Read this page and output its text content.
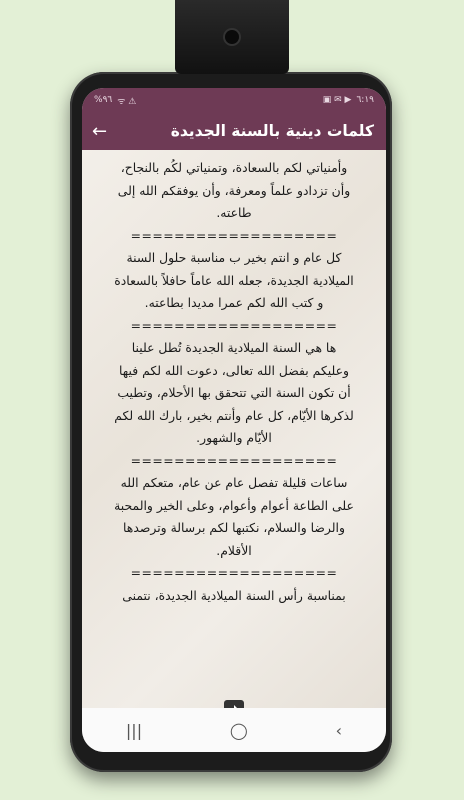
%٩٦ ᯤ ⚠	▣ ✉ ▶ ٦:١٩
←	كلمات دينية بالسنة الجديدة

وأمنياتي لكم بالسعادة، وتمنياتي لكُم بالنجاح،

وأن تزدادو علماً ومعرفة، وأن يوفقكم الله إلى

طاعته.

===================

كل عام و انتم بخير ب مناسبة حلول السنة

الميلادية الجديدة، جعله الله عاماً حافلاً بالسعادة

و كتب الله لكم عمرا مديدا بطاعته.

===================

ها هي السنة الميلادية الجديدة تُطل علينا

وعليكم بفضل الله تعالى، دعوت الله لكم فيها

أن تكون السنة التي تتحقق بها الأحلام، وتطيب

لذكرها الأيّام، كل عام وأنتم بخير، بارك الله لكم

الأيّام والشهور.

===================

ساعات قليلة تفصل عام عن عام، متعكم الله

على الطاعة أعوام وأعوام، وعلى الخير والمحبة

والرضا والسلام، نكتبها لكم برسالة وترصدها

الأقلام.

===================

بمناسبة رأس السنة الميلادية الجديدة، نتمنى

|||	◯	‹
